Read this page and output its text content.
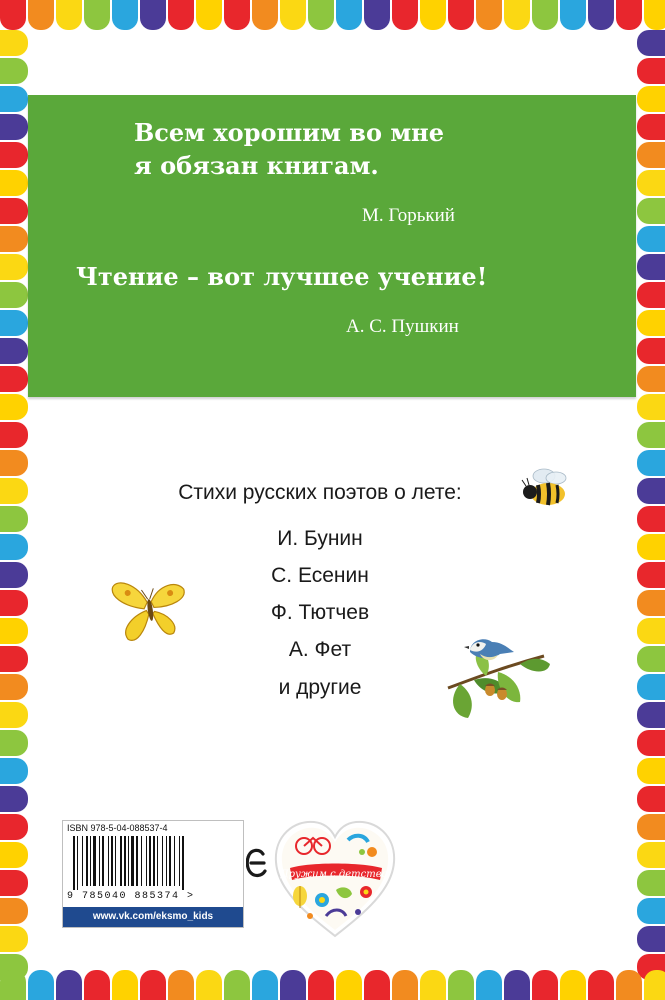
Всем хорошим во мне
я обязан книгам.
М. Горький
Чтение – вот лучшее учение!
А. С. Пушкин
Стихи русских поэтов о лете:
И. Бунин
С. Есенин
Ф. Тютчев
А. Фет
и другие
ISBN 978-5-04-088537-4
9 785040 885374 >
www.vk.com/eksmo_kids
Дружим с детства!
